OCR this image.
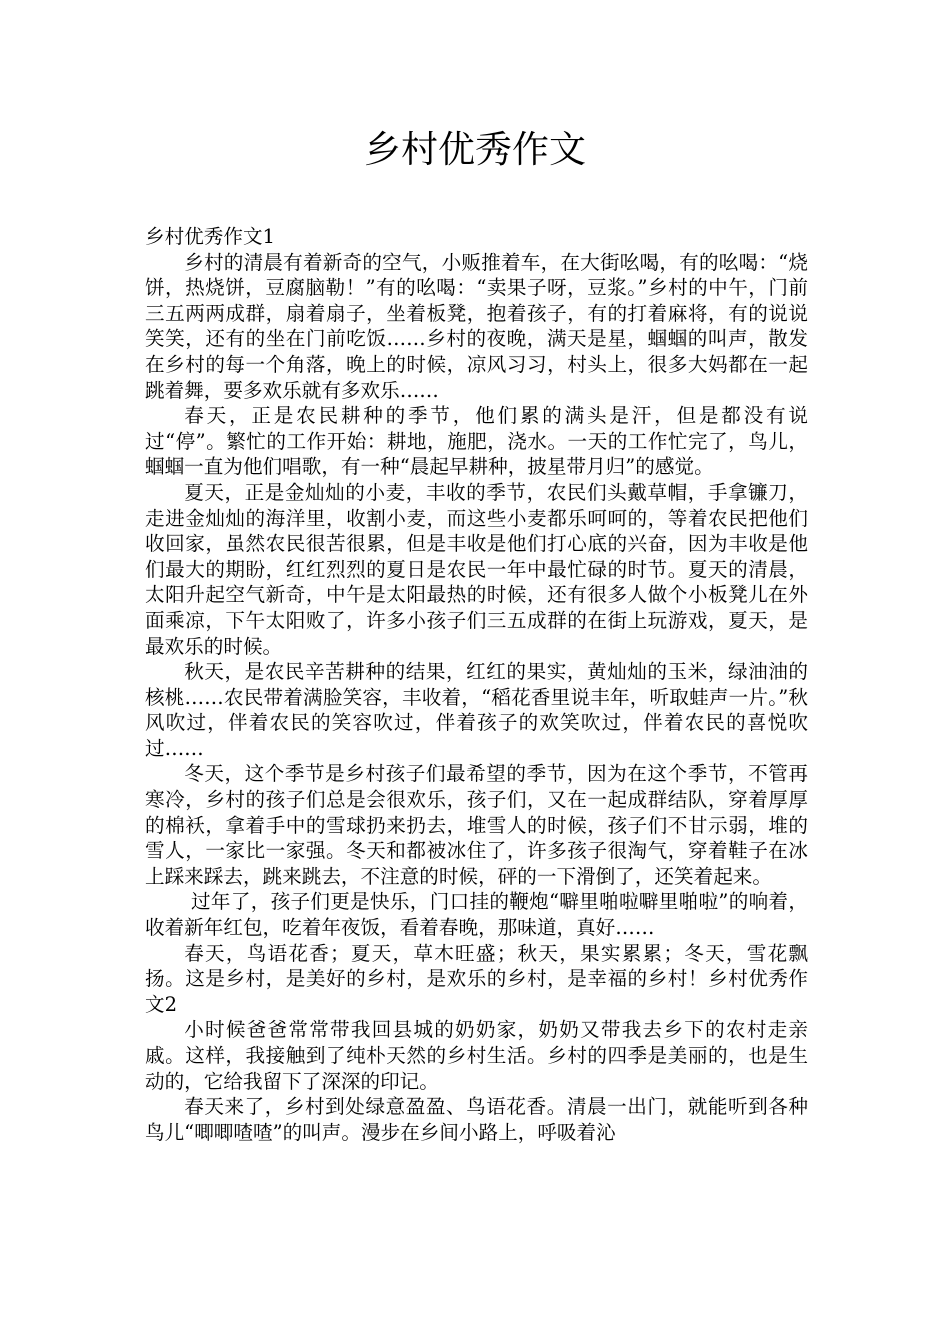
乡村优秀作文

乡村优秀作文1

乡村的清晨有着新奇的空气，小贩推着车，在大街吆喝，有的吆喝：“烧饼，热烧饼，豆腐脑勒！”有的吆喝：“卖果子呀，豆浆。”乡村的中午，门前三五两两成群，扇着扇子，坐着板凳，抱着孩子，有的打着麻将，有的说说笑笑，还有的坐在门前吃饭……乡村的夜晚，满天是星，蝈蝈的叫声，散发在乡村的每一个角落，晚上的时候，凉风习习，村头上，很多大妈都在一起跳着舞，要多欢乐就有多欢乐……

春天，正是农民耕种的季节，他们累的满头是汗，但是都没有说过“停”。繁忙的工作开始：耕地，施肥，浇水。一天的工作忙完了，鸟儿，蝈蝈一直为他们唱歌，有一种“晨起早耕种，披星带月归”的感觉。

夏天，正是金灿灿的小麦，丰收的季节，农民们头戴草帽，手拿镰刀，走进金灿灿的海洋里，收割小麦，而这些小麦都乐呵呵的，等着农民把他们收回家，虽然农民很苦很累，但是丰收是他们打心底的兴奋，因为丰收是他们最大的期盼，红红烈烈的夏日是农民一年中最忙碌的时节。夏天的清晨，太阳升起空气新奇，中午是太阳最热的时候，还有很多人做个小板凳儿在外面乘凉，下午太阳败了，许多小孩子们三五成群的在街上玩游戏，夏天，是最欢乐的时候。

秋天，是农民辛苦耕种的结果，红红的果实，黄灿灿的玉米，绿油油的核桃……农民带着满脸笑容，丰收着，“稻花香里说丰年，听取蛙声一片。”秋风吹过，伴着农民的笑容吹过，伴着孩子的欢笑吹过，伴着农民的喜悦吹过……

冬天，这个季节是乡村孩子们最希望的季节，因为在这个季节，不管再寒冷，乡村的孩子们总是会很欢乐，孩子们，又在一起成群结队，穿着厚厚的棉袄，拿着手中的雪球扔来扔去，堆雪人的时候，孩子们不甘示弱，堆的雪人，一家比一家强。冬天和都被冰住了，许多孩子很淘气，穿着鞋子在冰上踩来踩去，跳来跳去，不注意的时候，砰的一下滑倒了，还笑着起来。

过年了，孩子们更是快乐，门口挂的鞭炮“噼里啪啦噼里啪啦”的响着，收着新年红包，吃着年夜饭，看着春晚，那味道，真好……

春天，鸟语花香；夏天，草木旺盛；秋天，果实累累；冬天，雪花飘扬。这是乡村，是美好的乡村，是欢乐的乡村，是幸福的乡村！乡村优秀作文2

小时候爸爸常常带我回县城的奶奶家，奶奶又带我去乡下的农村走亲戚。这样，我接触到了纯朴天然的乡村生活。乡村的四季是美丽的，也是生动的，它给我留下了深深的印记。

春天来了，乡村到处绿意盈盈、鸟语花香。清晨一出门，就能听到各种鸟儿“唧唧喳喳”的叫声。漫步在乡间小路上，呼吸着沁
